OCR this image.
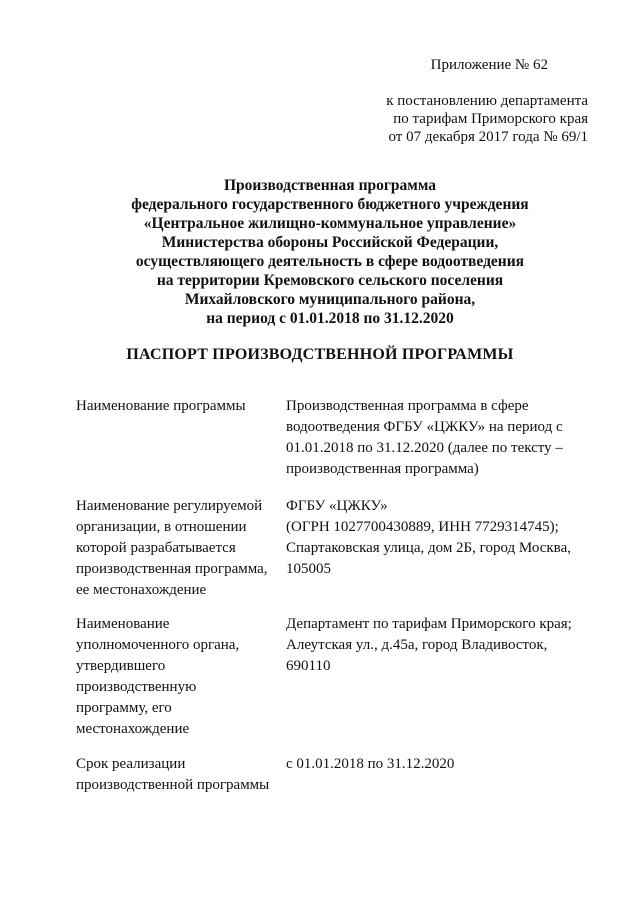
Приложение № 62

к постановлению департамента
по тарифам Приморского края
от 07 декабря 2017 года № 69/1

Производственная программа
федерального государственного бюджетного учреждения
«Центральное жилищно-коммунальное управление»
Министерства обороны Российской Федерации,
осуществляющего деятельность в сфере водоотведения
на территории Кремовского сельского поселения
Михайловского муниципального района,
на период с 01.01.2018 по 31.12.2020
ПАСПОРТ ПРОИЗВОДСТВЕННОЙ ПРОГРАММЫ
Наименование программы	Производственная программа в сфере
водоотведения ФГБУ «ЦЖКУ» на период с
01.01.2018 по 31.12.2020 (далее по тексту –
производственная программа)
Наименование регулируемой
организации, в отношении
которой разрабатывается
производственная программа,
ее местонахождение
ФГБУ «ЦЖКУ»
(ОГРН 1027700430889, ИНН 7729314745);
Спартаковская улица, дом 2Б, город Москва,
105005
Наименование
уполномоченного органа,
утвердившего
производственную
программу, его
местонахождение
Департамент по тарифам Приморского края;
Алеутская ул., д.45а, город Владивосток,
690110
Срок реализации
производственной программы
с 01.01.2018 по 31.12.2020
